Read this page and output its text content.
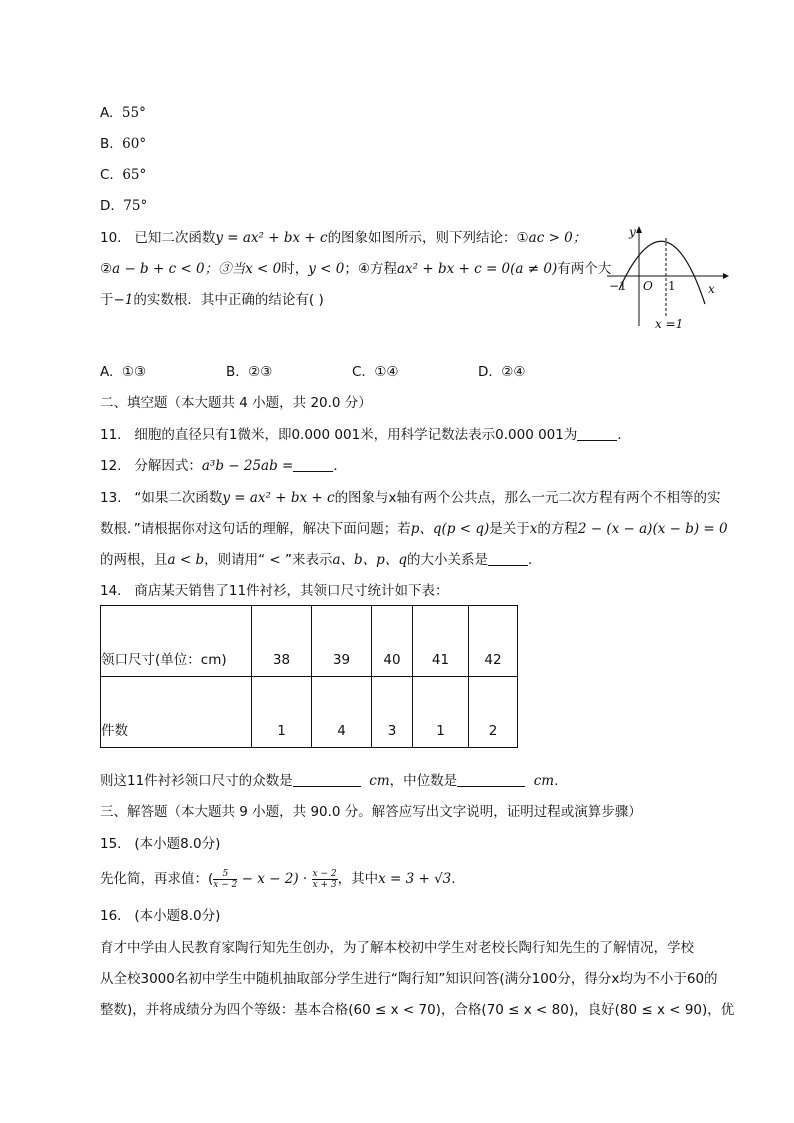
A. 55°
B. 60°
C. 65°
D. 75°
10. 已知二次函数y = ax² + bx + c的图象如图所示，则下列结论：①ac > 0；
②a − b + c < 0；③当x < 0时，y < 0；④方程ax² + bx + c = 0(a ≠ 0)有两个大
于−1的实数根．其中正确的结论有( )
y
x
O
−1	1
x =1
A. ①③	B. ②③	C. ①④	D. ②④
二、填空题（本大题共 4 小题，共 20.0 分）
11. 细胞的直径只有1微米，即0.000 001米，用科学记数法表示0.000 001为	．
12. 分解因式：a³b − 25ab =	．
13. “如果二次函数y = ax² + bx + c的图象与x轴有两个公共点，那么一元二次方程有两个不相等的实
数根．”请根据你对这句话的理解，解决下面问题；若p、q(p < q)是关于x的方程2 − (x − a)(x − b) = 0
的两根，且a < b，则请用“ < ”来表示a、b、p、q的大小关系是	．
14. 商店某天销售了11件衬衫，其领口尺寸统计如下表：
领口尺寸(单位：cm)	38	39	40	41	42
件数	1	4	3	1	2
则这11件衬衫领口尺寸的众数是	cm，中位数是	cm.
三、解答题（本大题共 9 小题，共 90.0 分。解答应写出文字说明，证明过程或演算步骤）
15. (本小题8.0分)
先化简，再求值：( $\frac{5}{x - 2} - x - 2) \cdot \frac{x - 2}{x + 3}$ ，其中x = 3 + √3.
16. (本小题8.0分)
育才中学由人民教育家陶行知先生创办，为了解本校初中学生对老校长陶行知先生的了解情况，学校
从全校3000名初中学生中随机抽取部分学生进行“陶行知”知识问答(满分100分，得分x均为不小于60的
整数)，并将成绩分为四个等级：基本合格(60 ≤ x < 70)，合格(70 ≤ x < 80)，良好(80 ≤ x < 90)，优
